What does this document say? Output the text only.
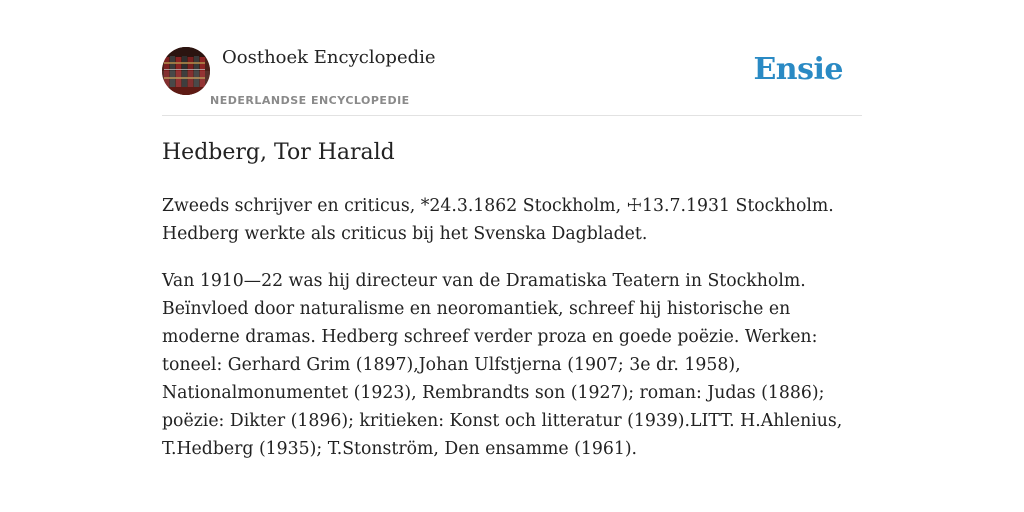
Oosthoek Encyclopedie
NEDERLANDSE ENCYCLOPEDIE
Ensie
Hedberg, Tor Harald

Zweeds schrijver en criticus, *24.3.1862 Stockholm, ☩13.7.1931 Stockholm. Hedberg werkte als criticus bij het Svenska Dagbladet.

Van 1910—22 was hij directeur van de Dramatiska Teatern in Stockholm. Beïnvloed door naturalisme en neoromantiek, schreef hij historische en moderne dramas. Hedberg schreef verder proza en goede poëzie. Werken: toneel: Gerhard Grim (1897),Johan Ulfstjerna (1907; 3e dr. 1958), Nationalmonumentet (1923), Rembrandts son (1927); roman: Judas (1886); poëzie: Dikter (1896); kritieken: Konst och litteratur (1939).LITT. H.Ahlenius, T.Hedberg (1935); T.Stonström, Den ensamme (1961).
